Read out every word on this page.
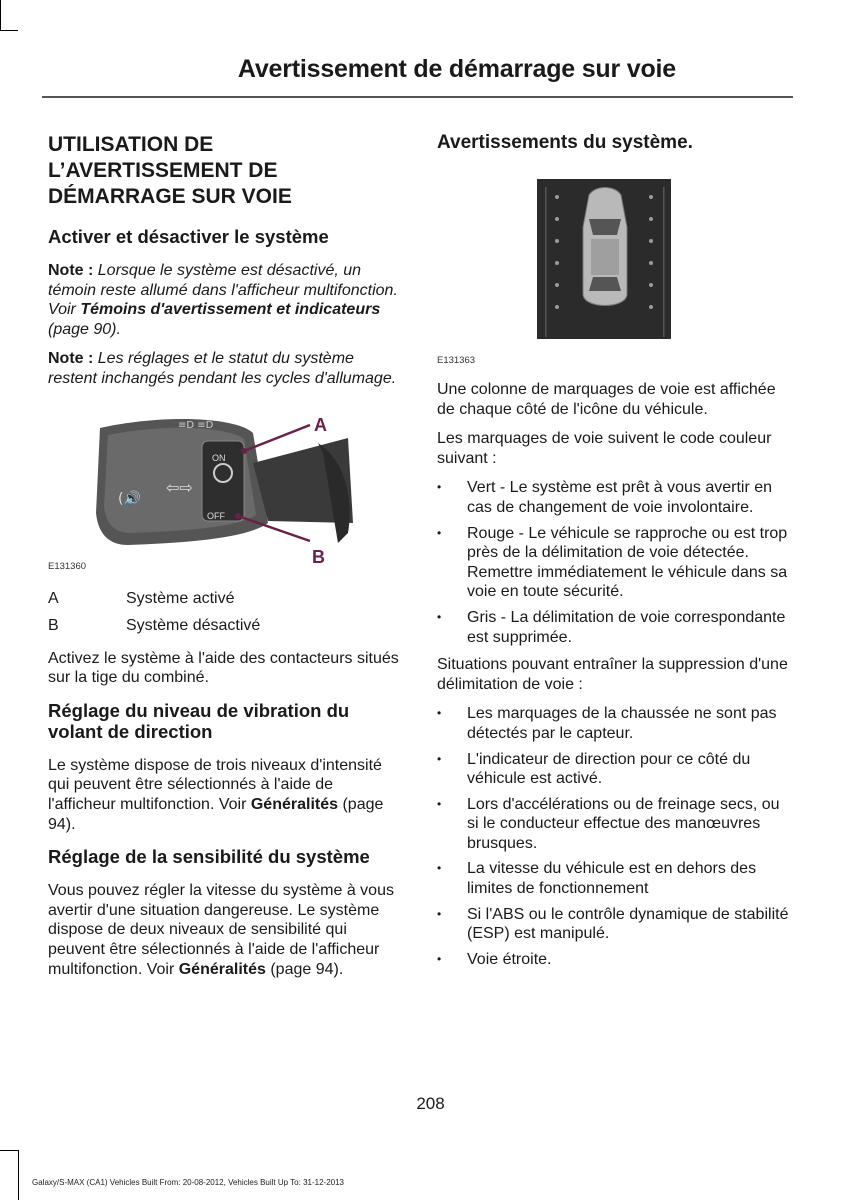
Avertissement de démarrage sur voie
UTILISATION DE L’AVERTISSEMENT DE DÉMARRAGE SUR VOIE
Activer et désactiver le système

Note : Lorsque le système est désactivé, un témoin reste allumé dans l'afficheur multifonction. Voir Témoins d'avertissement et indicateurs (page 90).

Note : Les réglages et le statut du système restent inchangés pendant les cycles d'allumage.

ON
OFF
⇦⇨
(🔊
≡D ≡D	A
B
E131360
A	Système activé
B	Système désactivé

Activez le système à l'aide des contacteurs situés sur la tige du combiné.

Réglage du niveau de vibration du volant de direction

Le système dispose de trois niveaux d'intensité qui peuvent être sélectionnés à l'aide de l'afficheur multifonction. Voir Généralités (page 94).

Réglage de la sensibilité du système

Vous pouvez régler la vitesse du système à vous avertir d'une situation dangereuse. Le système dispose de deux niveaux de sensibilité qui peuvent être sélectionnés à l'aide de l'afficheur multifonction. Voir Généralités (page 94).

Avertissements du système.
E131363

Une colonne de marquages de voie est affichée de chaque côté de l'icône du véhicule.

Les marquages de voie suivent le code couleur suivant :

• Vert - Le système est prêt à vous avertir en cas de changement de voie involontaire.
• Rouge - Le véhicule se rapproche ou est trop près de la délimitation de voie détectée. Remettre immédiatement le véhicule dans sa voie en toute sécurité.
• Gris - La délimitation de voie correspondante est supprimée.

Situations pouvant entraîner la suppression d'une délimitation de voie :

• Les marquages de la chaussée ne sont pas détectés par le capteur.
• L'indicateur de direction pour ce côté du véhicule est activé.
• Lors d'accélérations ou de freinage secs, ou si le conducteur effectue des manœuvres brusques.
• La vitesse du véhicule est en dehors des limites de fonctionnement
• Si l'ABS ou le contrôle dynamique de stabilité (ESP) est manipulé.
• Voie étroite.
208
Galaxy/S-MAX (CA1) Vehicles Built From: 20-08-2012, Vehicles Built Up To: 31-12-2013
